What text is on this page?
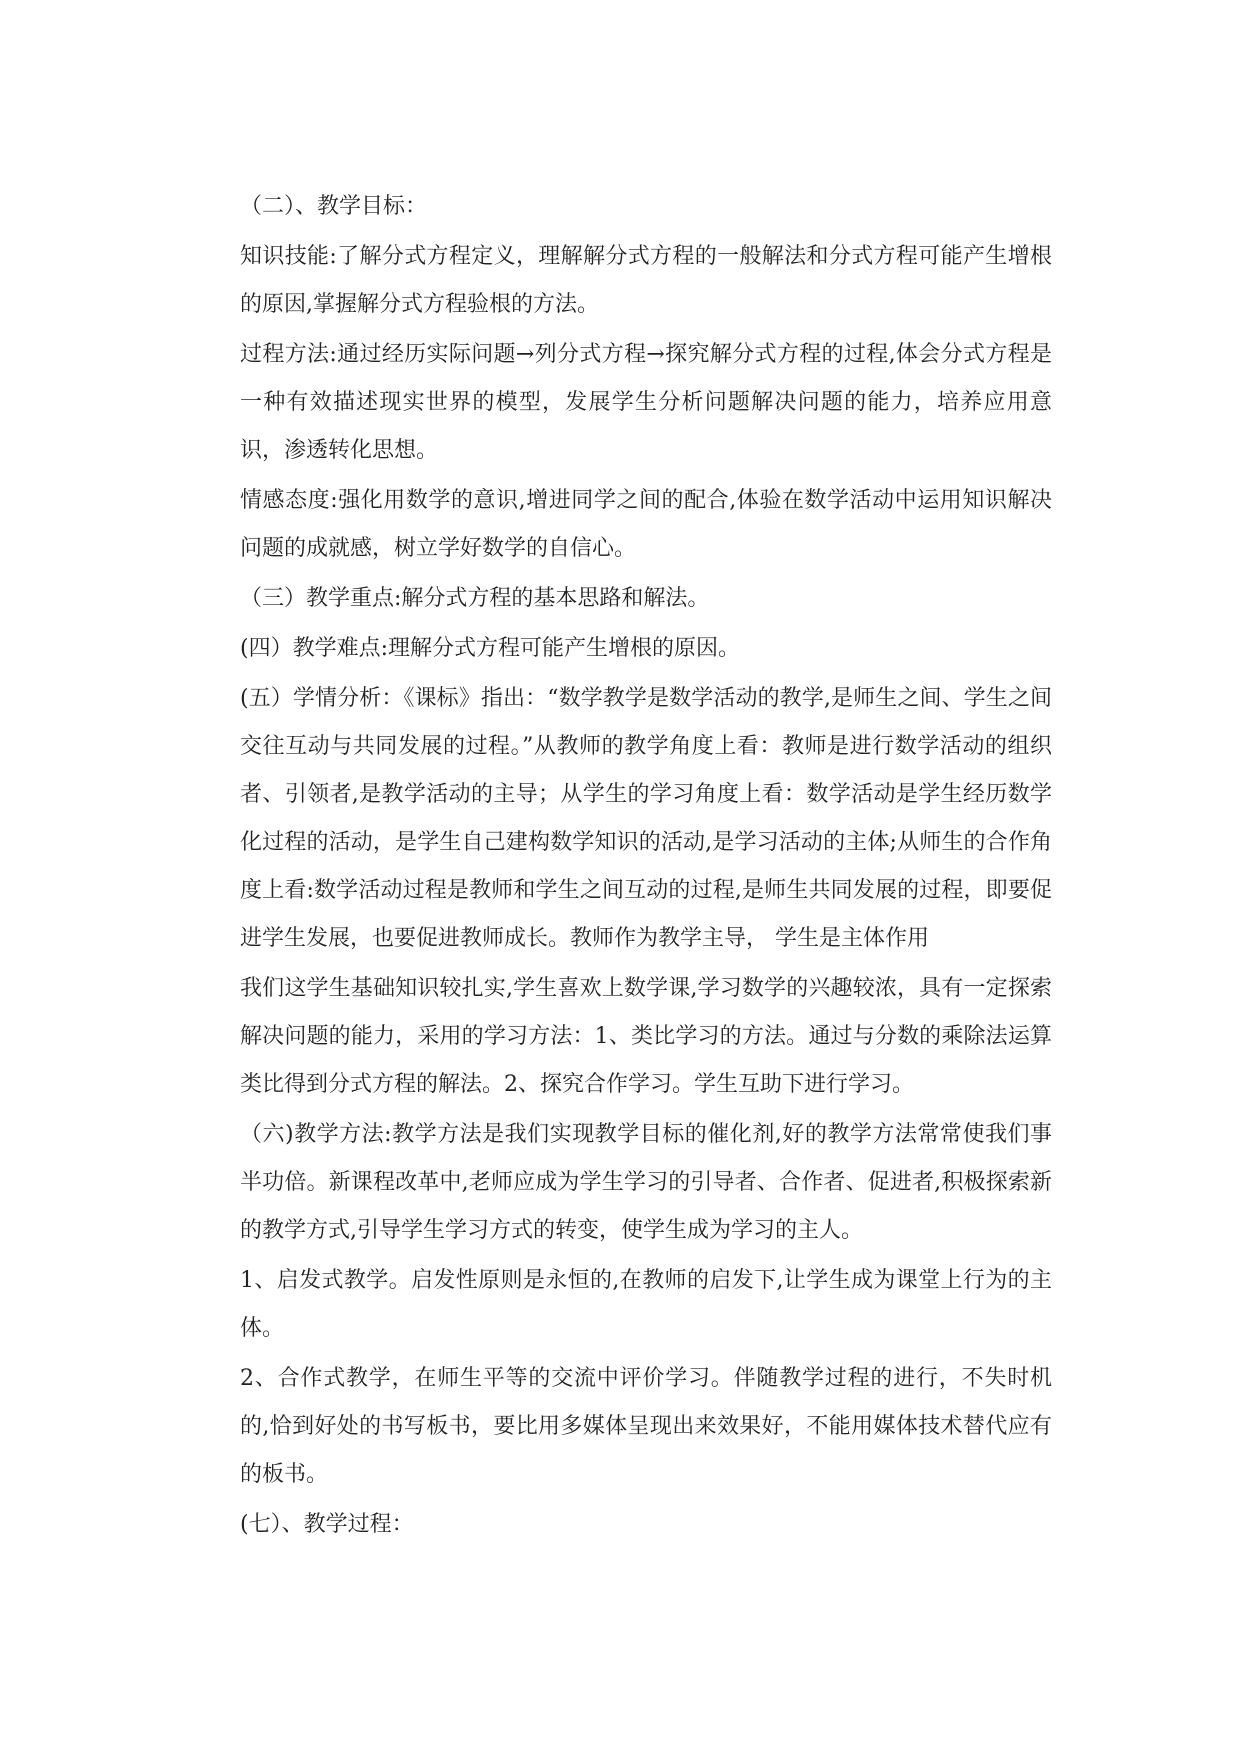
（二）、教学目标：

知识技能:了解分式方程定义，理解解分式方程的一般解法和分式方程可能产生增根的原因,掌握解分式方程验根的方法。

过程方法:通过经历实际问题→列分式方程→探究解分式方程的过程,体会分式方程是一种有效描述现实世界的模型，发展学生分析问题解决问题的能力，培养应用意识，渗透转化思想。

情感态度:强化用数学的意识,增进同学之间的配合,体验在数学活动中运用知识解决问题的成就感，树立学好数学的自信心。

（三）教学重点:解分式方程的基本思路和解法。

(四）教学难点:理解分式方程可能产生增根的原因。

(五）学情分析：《课标》指出：“数学教学是数学活动的教学,是师生之间、学生之间交往互动与共同发展的过程。”从教师的教学角度上看：教师是进行数学活动的组织者、引领者,是教学活动的主导；从学生的学习角度上看：数学活动是学生经历数学化过程的活动，是学生自己建构数学知识的活动,是学习活动的主体;从师生的合作角度上看:数学活动过程是教师和学生之间互动的过程,是师生共同发展的过程，即要促进学生发展，也要促进教师成长。教师作为教学主导， 学生是主体作用

我们这学生基础知识较扎实,学生喜欢上数学课,学习数学的兴趣较浓，具有一定探索解决问题的能力，采用的学习方法：1、类比学习的方法。通过与分数的乘除法运算类比得到分式方程的解法。2、探究合作学习。学生互助下进行学习。

（六)教学方法:教学方法是我们实现教学目标的催化剂,好的教学方法常常使我们事半功倍。新课程改革中,老师应成为学生学习的引导者、合作者、促进者,积极探索新的教学方式,引导学生学习方式的转变，使学生成为学习的主人。

1、启发式教学。启发性原则是永恒的,在教师的启发下,让学生成为课堂上行为的主体。

2、合作式教学，在师生平等的交流中评价学习。伴随教学过程的进行，不失时机的,恰到好处的书写板书，要比用多媒体呈现出来效果好，不能用媒体技术替代应有的板书。

(七）、教学过程：
